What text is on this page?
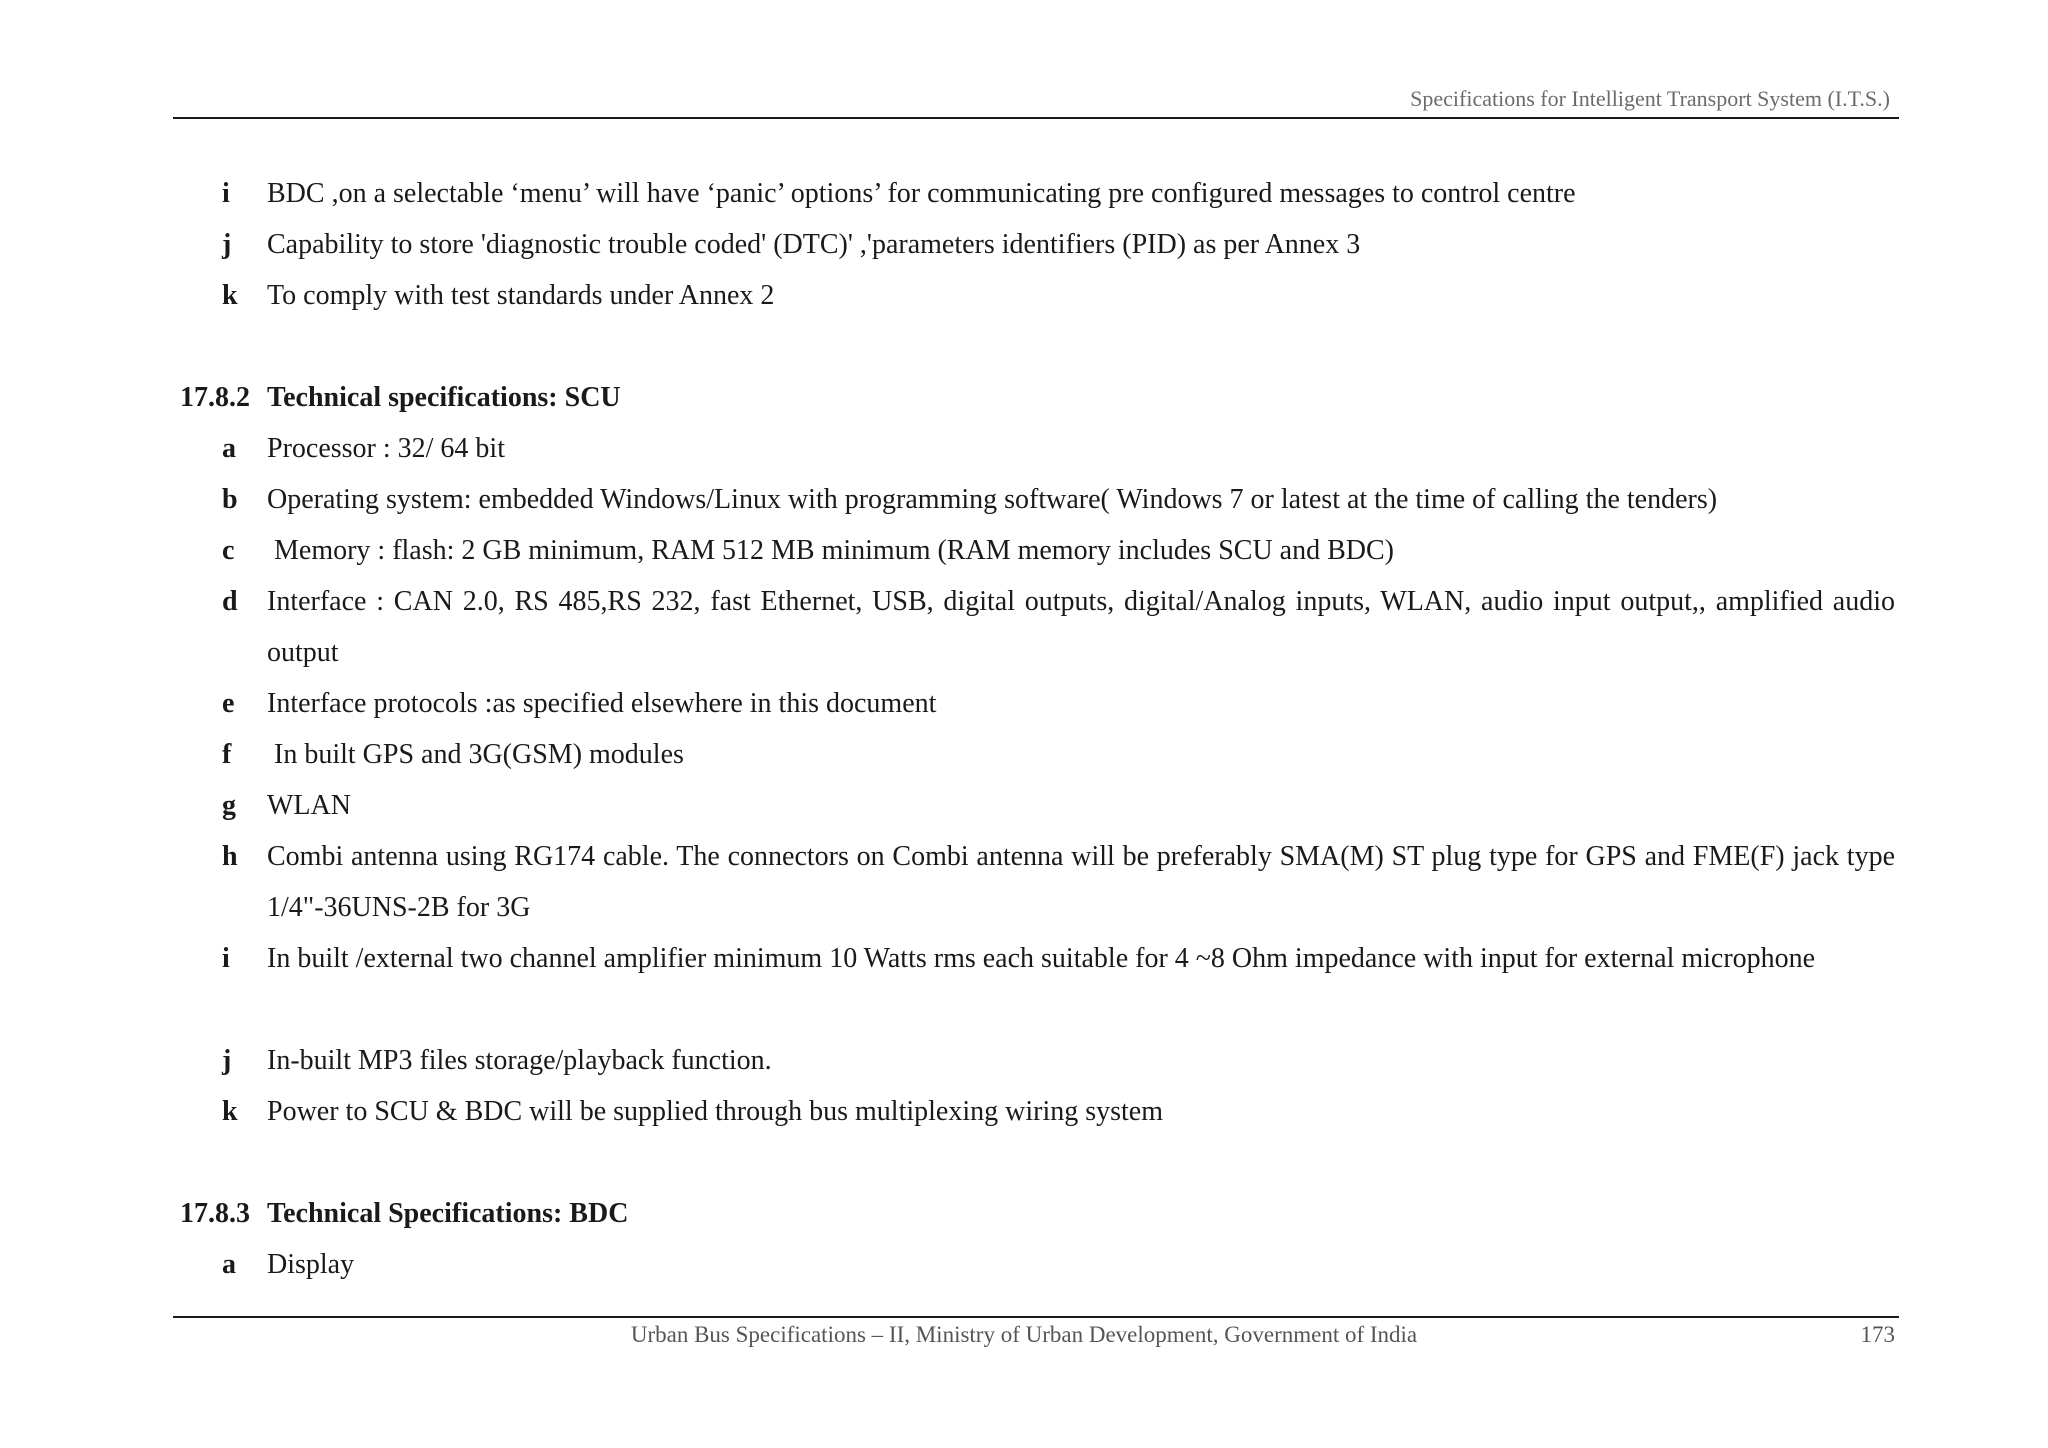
Specifications for Intelligent Transport System (I.T.S.)
i	BDC ,on a selectable ‘menu’ will have ‘panic’ options’ for communicating pre configured messages to control centre
j	Capability to store 'diagnostic trouble coded' (DTC)' ,'parameters identifiers (PID) as per Annex 3
k	To comply with test standards under Annex 2
17.8.2 Technical specifications: SCU
a	Processor : 32/ 64 bit
b	Operating system: embedded Windows/Linux with programming software( Windows 7 or latest at the time of calling the tenders)
c	Memory : flash: 2 GB minimum, RAM 512 MB minimum (RAM memory includes SCU and BDC)
d	Interface : CAN 2.0, RS 485,RS 232, fast Ethernet, USB, digital outputs, digital/Analog inputs, WLAN, audio input output,, amplified audio output
e	Interface protocols :as specified elsewhere in this document
f	In built GPS and 3G(GSM) modules
g	WLAN
h	Combi antenna using RG174 cable. The connectors on Combi antenna will be preferably SMA(M) ST plug type for GPS and FME(F) jack type 1/4"-36UNS-2B for 3G
i	In built /external two channel amplifier minimum 10 Watts rms each suitable for 4 ~8 Ohm impedance with input for external microphone
j	In-built MP3 files storage/playback function.
k	Power to SCU & BDC will be supplied through bus multiplexing wiring system
17.8.3 Technical Specifications: BDC
a	Display
Urban Bus Specifications – II, Ministry of Urban Development, Government of India	173
